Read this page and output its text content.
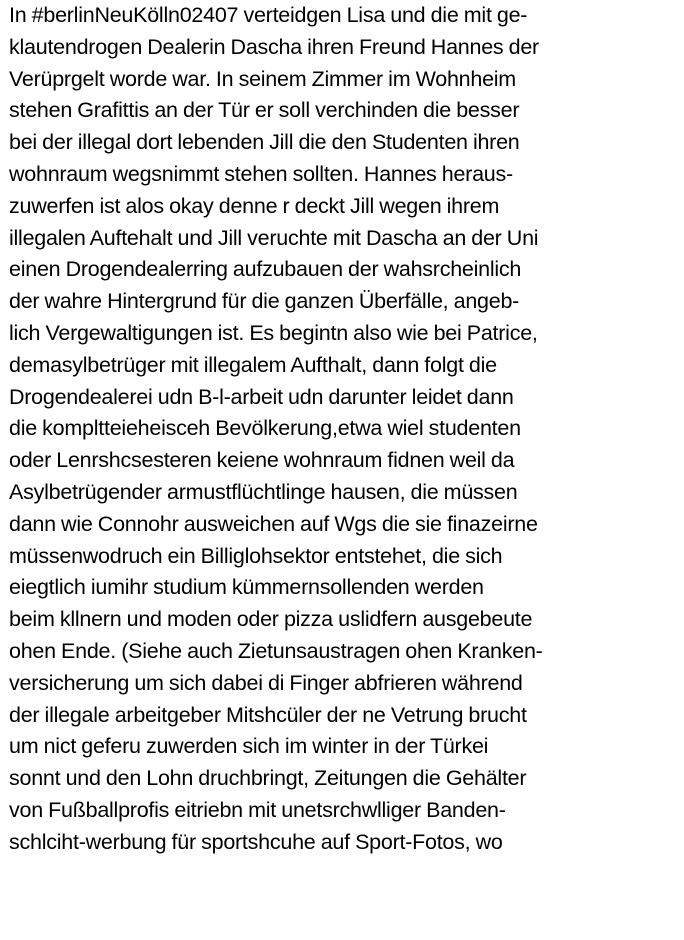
In #berlinNeuKölln02407 verteidgen Lisa und die mit ge-
klautendrogen Dealerin Dascha ihren Freund Hannes der
Verüprgelt worde war. In seinem Zimmer im Wohnheim
stehen Grafittis an der Tür er soll verchinden die besser
bei der illegal dort lebenden Jill die den Studenten ihren
wohnraum wegsnimmt stehen sollten. Hannes heraus-
zuwerfen ist alos okay denne r deckt Jill wegen ihrem
illegalen Auftehalt und Jill veruchte mit Dascha an der Uni
einen Drogendealerring aufzubauen der wahsrcheinlich
der wahre Hintergrund für die ganzen Überfälle, angeb-
lich Vergewaltigungen ist. Es begintn also wie bei Patrice,
demasylbetrüger mit illegalem Aufthalt, dann folgt die
Drogendealerei udn B-l-arbeit udn darunter leidet dann
die kompltteieheisceh Bevölkerung,etwa wiel studenten
oder Lenrshcsesteren keiene wohnraum fidnen weil da
Asylbetrügender armustflüchtlinge hausen, die müssen
dann wie Connohr ausweichen auf Wgs die sie finazeirne
müssenwodruch ein Billiglohsektor entstehet, die sich
eiegtlich iumihr studium kümmernsollenden werden
beim kllnern und moden oder pizza uslidfern ausgebeute
ohen Ende. (Siehe auch Zietunsaustragen ohen Kranken-
versicherung um sich dabei di Finger abfrieren während
der illegale arbeitgeber Mitshcüler der ne Vetrung brucht
um nict geferu zuwerden sich im winter in der Türkei
sonnt und den Lohn druchbringt, Zeitungen die Gehälter
von Fußballprofis eitriebn mit unetsrchwlliger Banden-
schlciht-werbung für sportshcuhe auf Sport-Fotos, wo
